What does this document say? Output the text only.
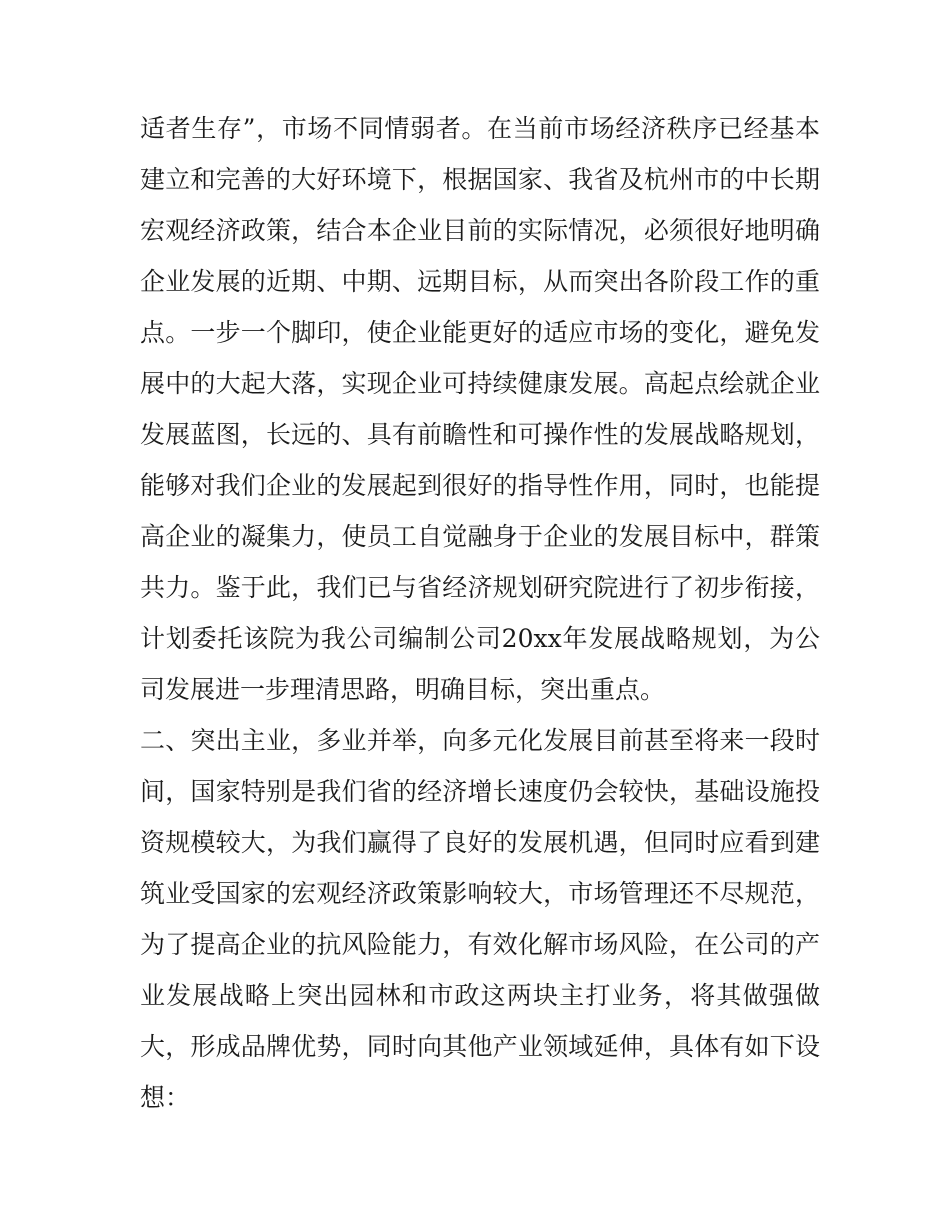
适者生存”，市场不同情弱者。在当前市场经济秩序已经基本
建立和完善的大好环境下，根据国家、我省及杭州市的中长期
宏观经济政策，结合本企业目前的实际情况，必须很好地明确
企业发展的近期、中期、远期目标，从而突出各阶段工作的重
点。一步一个脚印，使企业能更好的适应市场的变化，避免发
展中的大起大落，实现企业可持续健康发展。高起点绘就企业
发展蓝图，长远的、具有前瞻性和可操作性的发展战略规划，
能够对我们企业的发展起到很好的指导性作用，同时，也能提
高企业的凝集力，使员工自觉融身于企业的发展目标中，群策
共力。鉴于此，我们已与省经济规划研究院进行了初步衔接，
计划委托该院为我公司编制公司20xx年发展战略规划，为公
司发展进一步理清思路，明确目标，突出重点。
二、突出主业，多业并举，向多元化发展目前甚至将来一段时
间，国家特别是我们省的经济增长速度仍会较快，基础设施投
资规模较大，为我们赢得了良好的发展机遇，但同时应看到建
筑业受国家的宏观经济政策影响较大，市场管理还不尽规范，
为了提高企业的抗风险能力，有效化解市场风险，在公司的产
业发展战略上突出园林和市政这两块主打业务，将其做强做
大，形成品牌优势，同时向其他产业领域延伸，具体有如下设
想：
